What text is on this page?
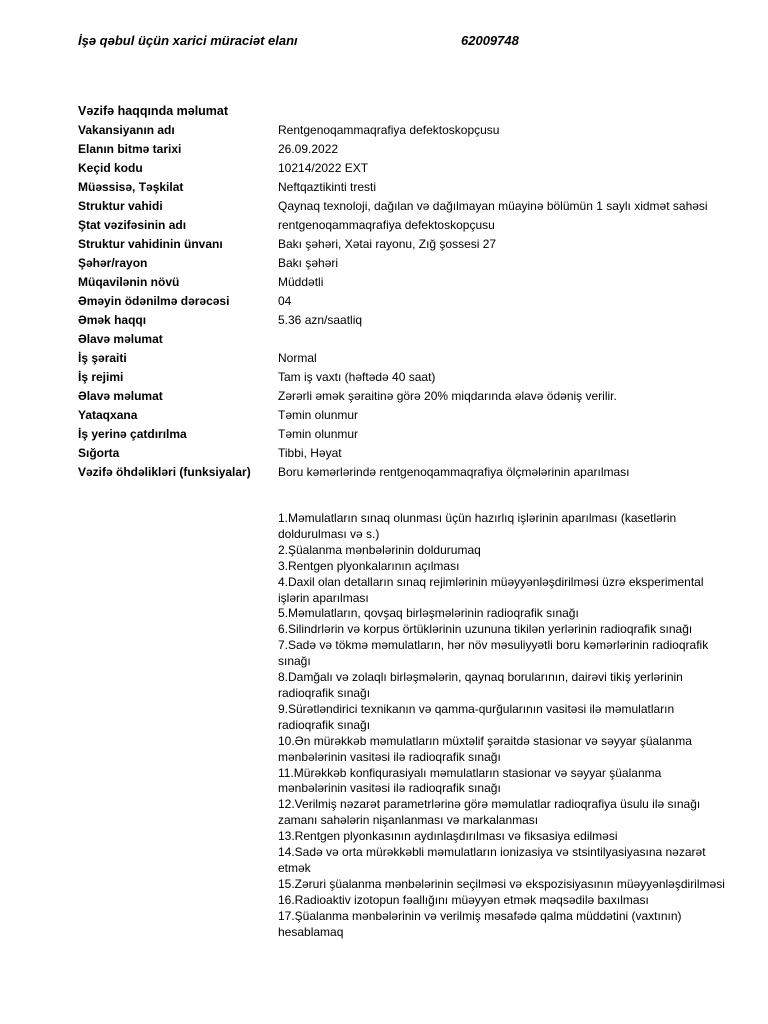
İşə qəbul üçün xarici müraciət elanı	62009748
Vəzifə haqqında məlumat
Vakansiyanın adı	Rentgenoqammaqrafiya defektoskopçusu
Elanın bitmə tarixi	26.09.2022
Keçid kodu	10214/2022 EXT
Müəssisə, Təşkilat	Neftqaztikinti tresti
Struktur vahidi	Qaynaq texnoloji, dağılan və dağılmayan müayinə bölümün 1 saylı xidmət sahəsi
Ştat vəzifəsinin adı	rentgenoqammaqrafiya defektoskopçusu
Struktur vahidinin ünvanı	Bakı şəhəri, Xətai rayonu, Zığ şossesi 27
Şəhər/rayon	Bakı şəhəri
Müqavilənin növü	Müddətli
Əməyin ödənilmə dərəcəsi	04
Əmək haqqı	5.36 azn/saatliq
Əlavə məlumat
İş şəraiti	Normal
İş rejimi	Tam iş vaxtı (həftədə 40 saat)
Əlavə məlumat	Zərərli əmək şəraitinə görə 20% miqdarında əlavə ödəniş verilir.
Yataqxana	Təmin olunmur
İş yerinə çatdırılma	Təmin olunmur
Sığorta	Tibbi, Həyat
Vəzifə öhdəlikləri (funksiyalar)	Boru kəmərlərində rentgenoqammaqrafiya ölçmələrinin aparılması
1.Məmulatların sınaq olunması üçün hazırlıq işlərinin aparılması (kasetlərin doldurulması və s.)
2.Şüalanma mənbələrinin doldurumaq
3.Rentgen plyonkalarının açılması
4.Daxil olan detalların sınaq rejimlərinin müəyyənləşdirilməsi üzrə eksperimental işlərin aparılması
5.Məmulatların, qovşaq birləşmələrinin radioqrafik sınağı
6.Silindrlərin və korpus örtüklərinin uzununa tikilən yerlərinin radioqrafik sınağı
7.Sadə və tökmə məmulatların, hər növ məsuliyyətli boru kəmərlərinin radioqrafik sınağı
8.Damğalı və zolaqlı birləşmələrin, qaynaq borularının, dairəvi tikiş yerlərinin radioqrafik sınağı
9.Sürətləndirici texnikanın və qamma-qurğularının vasitəsi ilə məmulatların radioqrafik sınağı
10.Ən mürəkkəb məmulatların müxtəlif şəraitdə stasionar və səyyar şüalanma mənbələrinin vasitəsi ilə radioqrafik sınağı
11.Mürəkkəb konfiqurasiyalı məmulatların stasionar və səyyar şüalanma mənbələrinin vasitəsi ilə radioqrafik sınağı
12.Verilmiş nəzarət parametrlərinə görə məmulatlar radioqrafiya üsulu ilə sınağı zamanı sahələrin nişanlanması və markalanması
13.Rentgen plyonkasının aydınlaşdırılması və fiksasiya edilməsi
14.Sadə və orta mürəkkəbli məmulatların ionizasiya və stsintilyasiyasına nəzarət etmək
15.Zəruri şüalanma mənbələrinin seçilməsi və ekspozisiyasının müəyyənləşdirilməsi
16.Radioaktiv izotopun fəallığını müəyyən etmək məqsədilə baxılması
17.Şüalanma mənbələrinin və verilmiş məsafədə qalma müddətini (vaxtının) hesablamaq
